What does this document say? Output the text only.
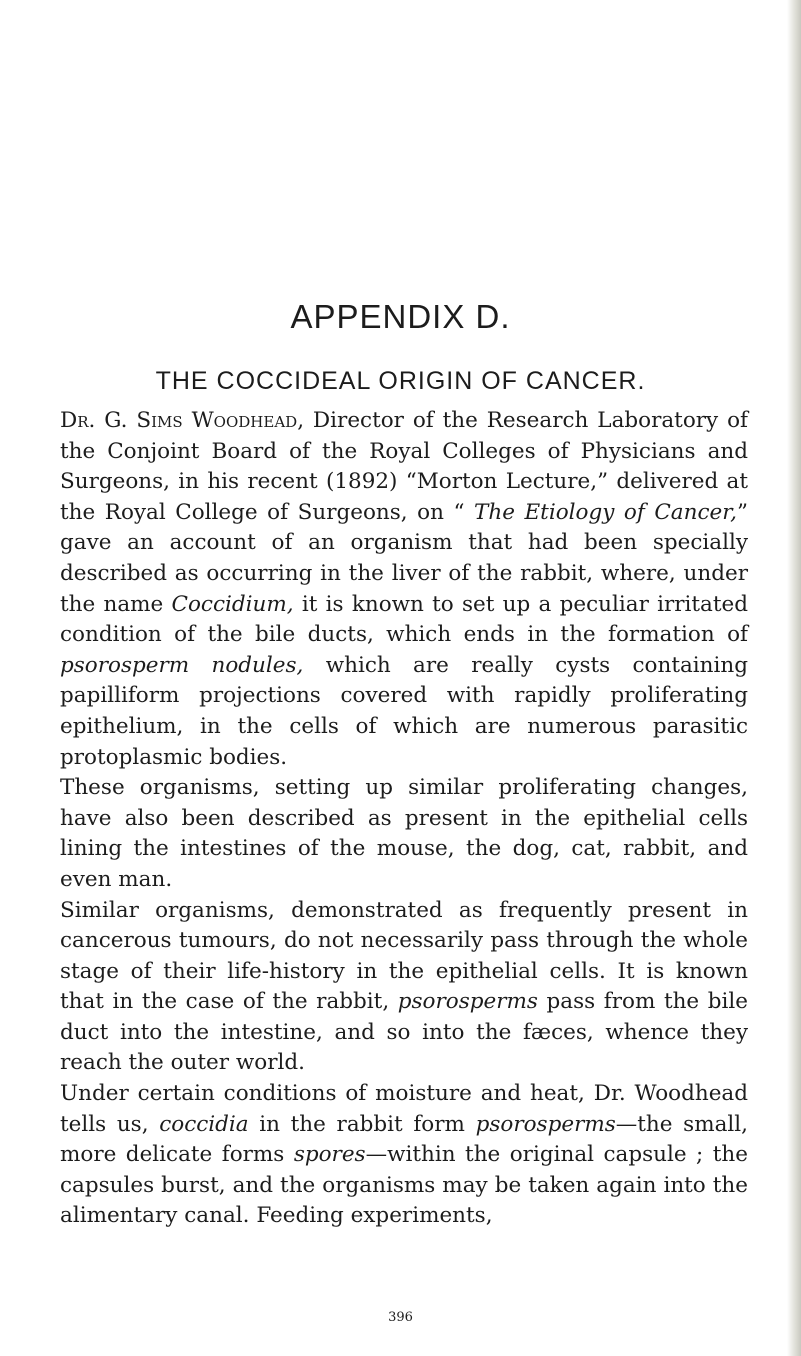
APPENDIX D.
THE COCCIDEAL ORIGIN OF CANCER.

Dr. G. Sims Woodhead, Director of the Research Laboratory of the Conjoint Board of the Royal Colleges of Physicians and Surgeons, in his recent (1892) “Morton Lecture,” delivered at the Royal College of Surgeons, on “ The Etiology of Cancer,” gave an account of an organism that had been specially described as occurring in the liver of the rabbit, where, under the name Coccidium, it is known to set up a peculiar irritated condition of the bile ducts, which ends in the formation of psorosperm nodules, which are really cysts containing papilliform projections covered with rapidly proliferating epithelium, in the cells of which are numerous parasitic protoplasmic bodies.

These organisms, setting up similar proliferating changes, have also been described as present in the epithelial cells lining the intestines of the mouse, the dog, cat, rabbit, and even man.

Similar organisms, demonstrated as frequently present in cancerous tumours, do not necessarily pass through the whole stage of their life-history in the epithelial cells. It is known that in the case of the rabbit, psorosperms pass from the bile duct into the intestine, and so into the fæces, whence they reach the outer world.

Under certain conditions of moisture and heat, Dr. Woodhead tells us, coccidia in the rabbit form psorosperms—the small, more delicate forms spores—within the original capsule ; the capsules burst, and the organisms may be taken again into the alimentary canal. Feeding experiments,

396
